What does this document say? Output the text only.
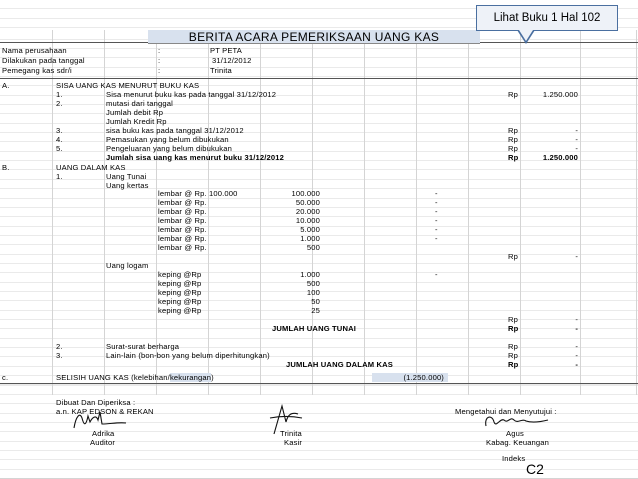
BERITA ACARA PEMERIKSAAN UANG KAS
Lihat Buku 1 Hal 102
Nama perusahaan	:	PT PETA
Dilakukan pada tanggal	:	31/12/2012
Pemegang kas sdr/i	:	Trinita
A.	SISA UANG KAS MENURUT BUKU KAS
1.	Sisa menurut buku kas pada tanggal 31/12/2012	Rp	1.250.000
2.	mutasi dari tanggal
Jumlah debit Rp
Jumlah Kredit Rp
3.	sisa buku kas pada tanggal 31/12/2012	Rp	-
4.	Pemasukan yang belum dibukukan	Rp	-
5.	Pengeluaran yang belum dibukukan	Rp	-
Jumlah sisa uang kas menurut buku 31/12/2012	Rp	1.250.000
B.	UANG DALAM KAS
1.	Uang Tunai
Uang kertas
lembar @ Rp. 100.000	100.000	-
lembar @ Rp.	50.000	-
lembar @ Rp.	20.000	-
lembar @ Rp.	10.000	-
lembar @ Rp.	5.000	-
lembar @ Rp.	1.000	-
lembar @ Rp.	500
Rp	-
Uang logam
keping @Rp	1.000	-
keping @Rp	500
keping @Rp	100
keping @Rp	50
keping @Rp	25
Rp	-
JUMLAH UANG TUNAI	Rp	-
2.	Surat-surat berharga	Rp	-
3.	Lain-lain (bon-bon yang belum diperhitungkan)	Rp	-
JUMLAH UANG DALAM KAS	Rp	-
c.	SELISIH UANG KAS (kelebihan/kekurangan)	(1.250.000)
Dibuat Dan Diperiksa :
a.n. KAP EDSON & REKAN	Mengetahui dan Menyutujui :
Adrika
Auditor
Trinita
Kasir
Agus
Kabag. Keuangan
Indeks
C2
